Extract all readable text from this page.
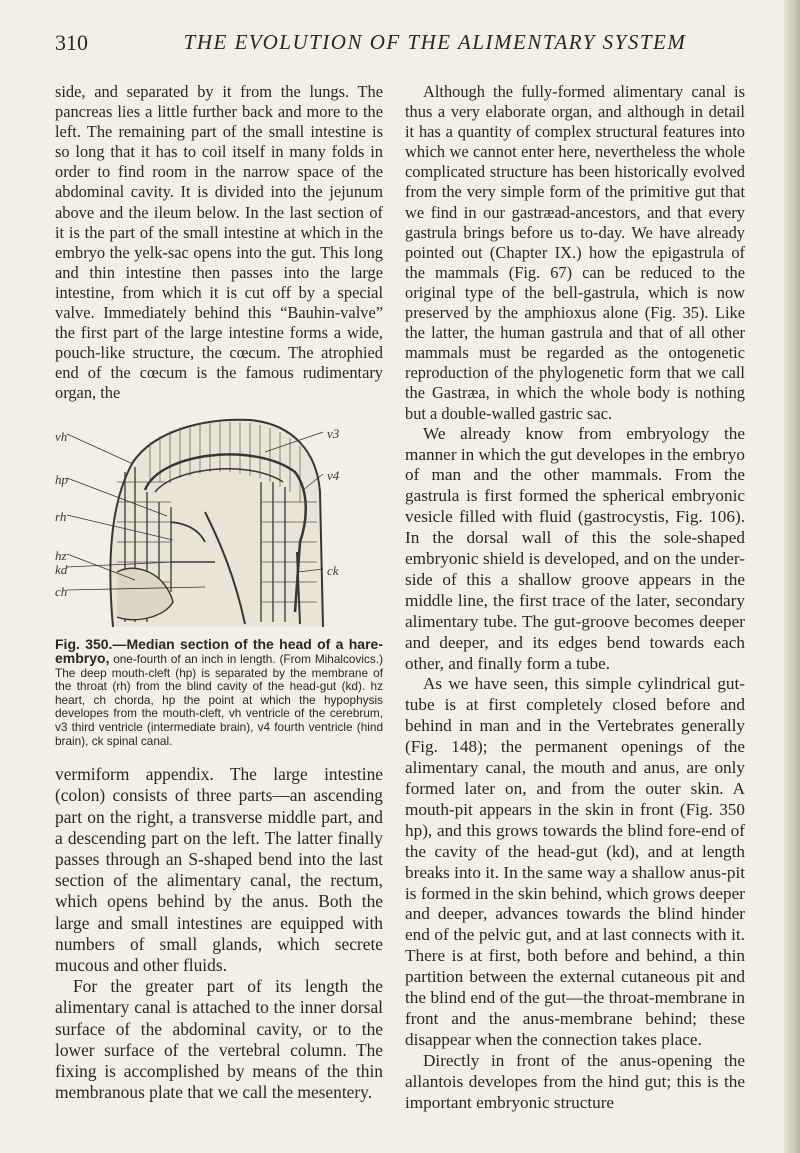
310	THE EVOLUTION OF THE ALIMENTARY SYSTEM

side, and separated by it from the lungs. The pancreas lies a little further back and more to the left. The remaining part of the small intestine is so long that it has to coil itself in many folds in order to find room in the narrow space of the abdominal cavity. It is divided into the jejunum above and the ileum below. In the last section of it is the part of the small intestine at which in the embryo the yelk-sac opens into the gut. This long and thin intestine then passes into the large intestine, from which it is cut off by a special valve. Immediately behind this “Bauhin-valve” the first part of the large intestine forms a wide, pouch-like structure, the cœcum. The atrophied end of the cœcum is the famous rudimentary organ, the

vh
hp
rh
hz
kd
ch
v3
v4
ck
Fig. 350.—Median section of the head of a hare-embryo, one-fourth of an inch in length. (From Mihalcovics.) The deep mouth-cleft (hp) is separated by the membrane of the throat (rh) from the blind cavity of the head-gut (kd). hz heart, ch chorda, hp the point at which the hypophysis developes from the mouth-cleft, vh ventricle of the cerebrum, v3 third ventricle (intermediate brain), v4 fourth ventricle (hind brain), ck spinal canal.

vermiform appendix. The large intestine (colon) consists of three parts—an ascending part on the right, a transverse middle part, and a descending part on the left. The latter finally passes through an S-shaped bend into the last section of the alimentary canal, the rectum, which opens behind by the anus. Both the large and small intestines are equipped with numbers of small glands, which secrete mucous and other fluids.

For the greater part of its length the alimentary canal is attached to the inner dorsal surface of the abdominal cavity, or to the lower surface of the vertebral column. The fixing is accomplished by means of the thin membranous plate that we call the mesentery.

Although the fully-formed alimentary canal is thus a very elaborate organ, and although in detail it has a quantity of complex structural features into which we cannot enter here, nevertheless the whole complicated structure has been historically evolved from the very simple form of the primitive gut that we find in our gastræad-ancestors, and that every gastrula brings before us to-day. We have already pointed out (Chapter IX.) how the epigastrula of the mammals (Fig. 67) can be reduced to the original type of the bell-gastrula, which is now preserved by the amphioxus alone (Fig. 35). Like the latter, the human gastrula and that of all other mammals must be regarded as the ontogenetic reproduction of the phylogenetic form that we call the Gastræa, in which the whole body is nothing but a double-walled gastric sac.

We already know from embryology the manner in which the gut developes in the embryo of man and the other mammals. From the gastrula is first formed the spherical embryonic vesicle filled with fluid (gastrocystis, Fig. 106). In the dorsal wall of this the sole-shaped embryonic shield is developed, and on the under-side of this a shallow groove appears in the middle line, the first trace of the later, secondary alimentary tube. The gut-groove becomes deeper and deeper, and its edges bend towards each other, and finally form a tube.

As we have seen, this simple cylindrical gut-tube is at first completely closed before and behind in man and in the Vertebrates generally (Fig. 148); the permanent openings of the alimentary canal, the mouth and anus, are only formed later on, and from the outer skin. A mouth-pit appears in the skin in front (Fig. 350 hp), and this grows towards the blind fore-end of the cavity of the head-gut (kd), and at length breaks into it. In the same way a shallow anus-pit is formed in the skin behind, which grows deeper and deeper, advances towards the blind hinder end of the pelvic gut, and at last connects with it. There is at first, both before and behind, a thin partition between the external cutaneous pit and the blind end of the gut—the throat-membrane in front and the anus-membrane behind; these disappear when the connection takes place.

Directly in front of the anus-opening the allantois developes from the hind gut; this is the important embryonic structure
